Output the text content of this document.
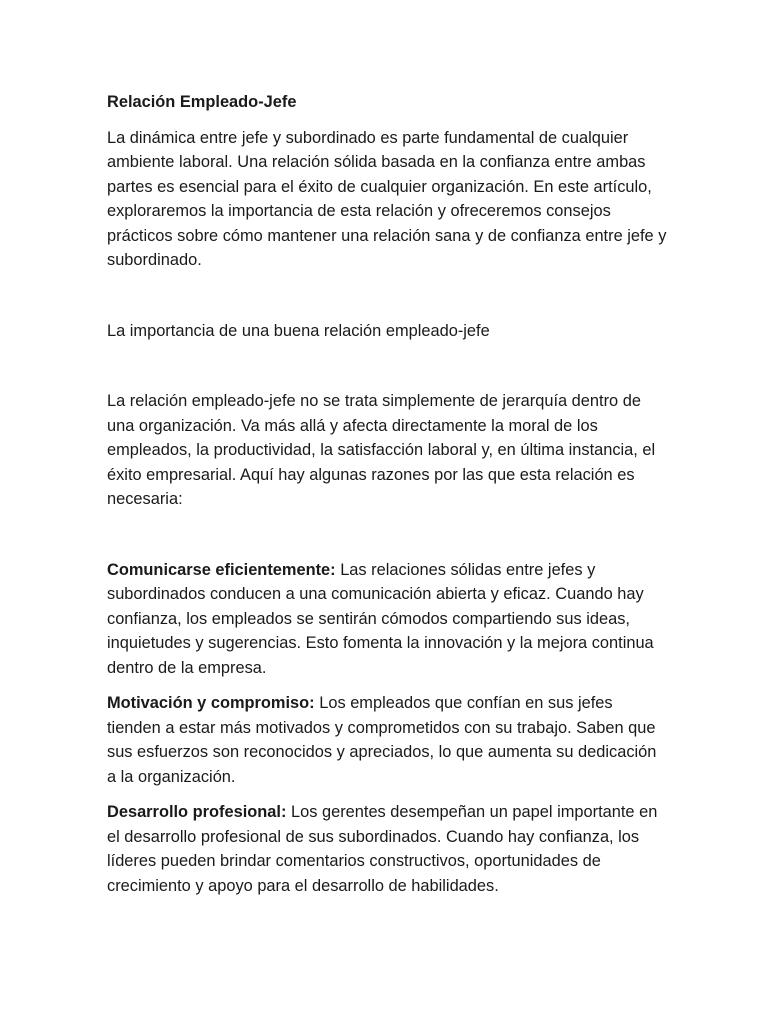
Relación Empleado-Jefe

La dinámica entre jefe y subordinado es parte fundamental de cualquier ambiente laboral. Una relación sólida basada en la confianza entre ambas partes es esencial para el éxito de cualquier organización. En este artículo, exploraremos la importancia de esta relación y ofreceremos consejos prácticos sobre cómo mantener una relación sana y de confianza entre jefe y subordinado.

La importancia de una buena relación empleado-jefe

La relación empleado-jefe no se trata simplemente de jerarquía dentro de una organización. Va más allá y afecta directamente la moral de los empleados, la productividad, la satisfacción laboral y, en última instancia, el éxito empresarial. Aquí hay algunas razones por las que esta relación es necesaria:

Comunicarse eficientemente: Las relaciones sólidas entre jefes y subordinados conducen a una comunicación abierta y eficaz. Cuando hay confianza, los empleados se sentirán cómodos compartiendo sus ideas, inquietudes y sugerencias. Esto fomenta la innovación y la mejora continua dentro de la empresa.

Motivación y compromiso: Los empleados que confían en sus jefes tienden a estar más motivados y comprometidos con su trabajo. Saben que sus esfuerzos son reconocidos y apreciados, lo que aumenta su dedicación a la organización.

Desarrollo profesional: Los gerentes desempeñan un papel importante en el desarrollo profesional de sus subordinados. Cuando hay confianza, los líderes pueden brindar comentarios constructivos, oportunidades de crecimiento y apoyo para el desarrollo de habilidades.
